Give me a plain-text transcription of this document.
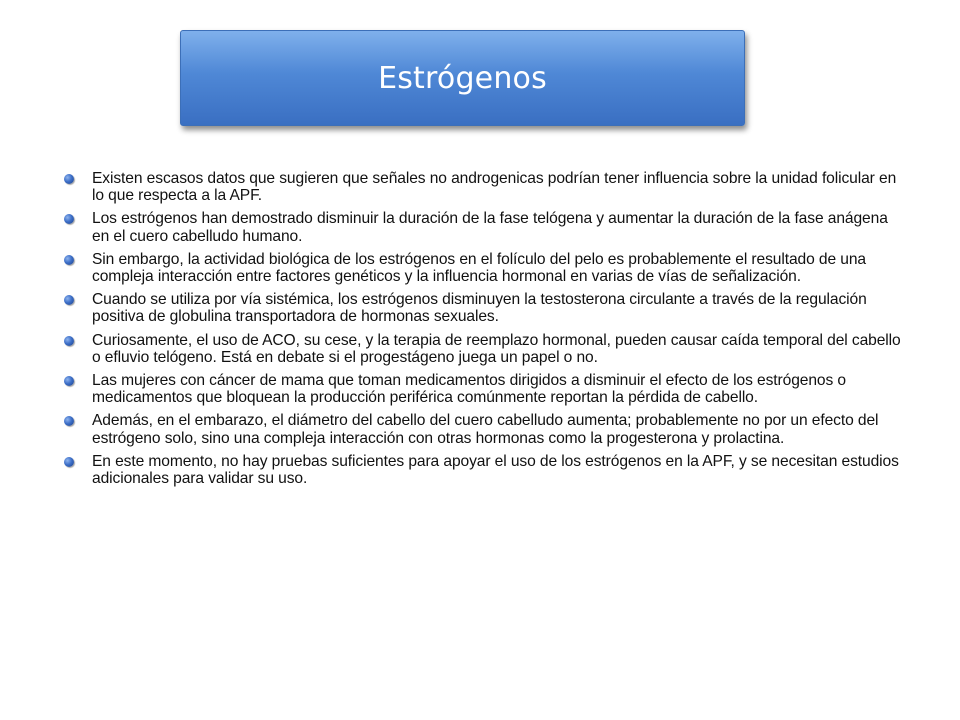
Estrógenos
Existen escasos datos que sugieren que señales no androgenicas podrían tener influencia sobre la unidad folicular en lo que respecta a la APF.
Los estrógenos han demostrado disminuir la duración de la fase telógena y aumentar la duración de la fase anágena en el cuero cabelludo humano.
Sin embargo, la actividad biológica de los estrógenos en el folículo del pelo es probablemente el resultado de una compleja interacción entre factores genéticos y la influencia hormonal en varias de vías de señalización.
Cuando se utiliza por vía sistémica, los estrógenos disminuyen la testosterona circulante a través de la regulación positiva de globulina transportadora de hormonas sexuales.
Curiosamente, el uso de ACO, su cese, y la terapia de reemplazo hormonal, pueden causar caída temporal del cabello o efluvio telógeno. Está en debate si el progestágeno juega un papel o no.
Las mujeres con cáncer de mama que toman medicamentos dirigidos a disminuir el efecto de los estrógenos o medicamentos que bloquean la producción periférica comúnmente reportan la pérdida de cabello.
Además, en el embarazo, el diámetro del cabello del cuero cabelludo aumenta; probablemente no por un efecto del estrógeno solo, sino una compleja interacción con otras hormonas como la progesterona y prolactina.
En este momento, no hay pruebas suficientes para apoyar el uso de los estrógenos en la APF, y se necesitan estudios adicionales para validar su uso.
